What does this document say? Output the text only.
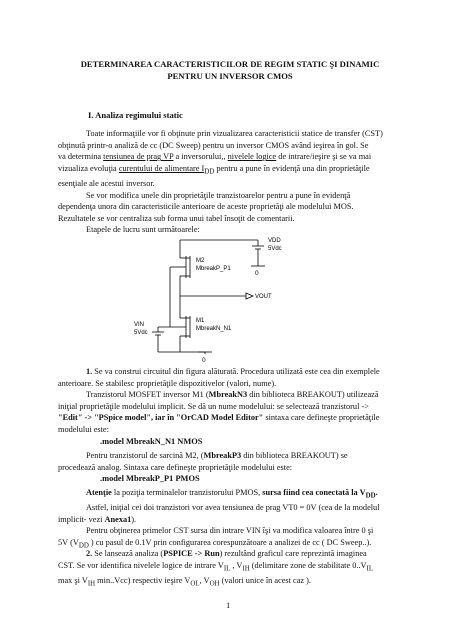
DETERMINAREA CARACTERISTICILOR DE REGIM STATIC ŞI DINAMIC
PENTRU UN INVERSOR CMOS
I. Analiza regimului static
Toate informaţiile vor fi obţinute prin vizualizarea caracteristicii statice de transfer (CST)
obţinută printr-o analiză de cc (DC Sweep) pentru un inversor CMOS având ieşirea în gol. Se
va determina tensiunea de prag VP a inversorului,, nivelele logice de intrare/ieşire şi se va mai
vizualiza evoluţia curentului de alimentare $I_{DD}$ pentru a pune în evidenţă una din proprietăţile
esenţiale ale acestui inversor.
Se vor modifica unele din proprietăţile tranzistoarelor pentru a pune în evidenţă
dependenţa unora din caracteristicile anterioare de aceste proprietăţi ale modelului MOS.
Rezultatele se vor centraliza sub forma unui tabel însoţit de comentarii.
Etapele de lucru sunt următoarele:
VDD
5Vdc
0
M2
MbreakP_P1
VOUT
M1
MbreakN_N1
VIN
5Vdc
0
1. Se va construi circuitul din figura alăturată. Procedura utilizată este cea din exemplele
anterioare. Se stabilesc proprietăţile dispozitivelor (valori, nume).
Tranzistorul MOSFET inversor M1 (MbreakN3 din biblioteca BREAKOUT) utilizează
iniţial proprietăţile modelului implicit. Se dă un nume modelului: se selectează tranzistorul ->
"Edit" -> "PSpice model", iar în "OrCAD Model Editor" sintaxa care defineşte proprietăţile
modelului este:
.model MbreakN_N1 NMOS
Pentru tranzistorul de sarcină M2, (MbreakP3 din biblioteca BREAKOUT) se
procedează analog. Sintaxa care defineşte proprietăţile modelului este:
.model MbreakP_P1 PMOS
Atenţie la poziţia terminalelor tranzistorului PMOS, sursa fiind cea conectată la $V_{DD}$.
Astfel, iniţial cei doi tranzistori vor avea tensiunea de prag VT0 = 0V (cea de la modelul
implicit- vezi Anexa1).
Pentru obţinerea primelor CST sursa din intrare VIN îşi va modifica valoarea între 0 şi
5V ($V_{DD}$ ) cu pasul de 0.1V prin configurarea corespunzătoare a analizei de cc ( DC Sweep..).
2. Se lansează analiza (PSPICE -> Run) rezultând graficul care reprezintă imaginea
CST. Se vor identifica nivelele logice de intrare $V_{IL}$ , $V_{IH}$ (delimitare zone de stabilitate $0..V_{IL}$
max şi $V_{IH}$ min..Vcc) respectiv ieşire $V_{OL}$, $V_{OH}$ (valori unice în acest caz ).
1
